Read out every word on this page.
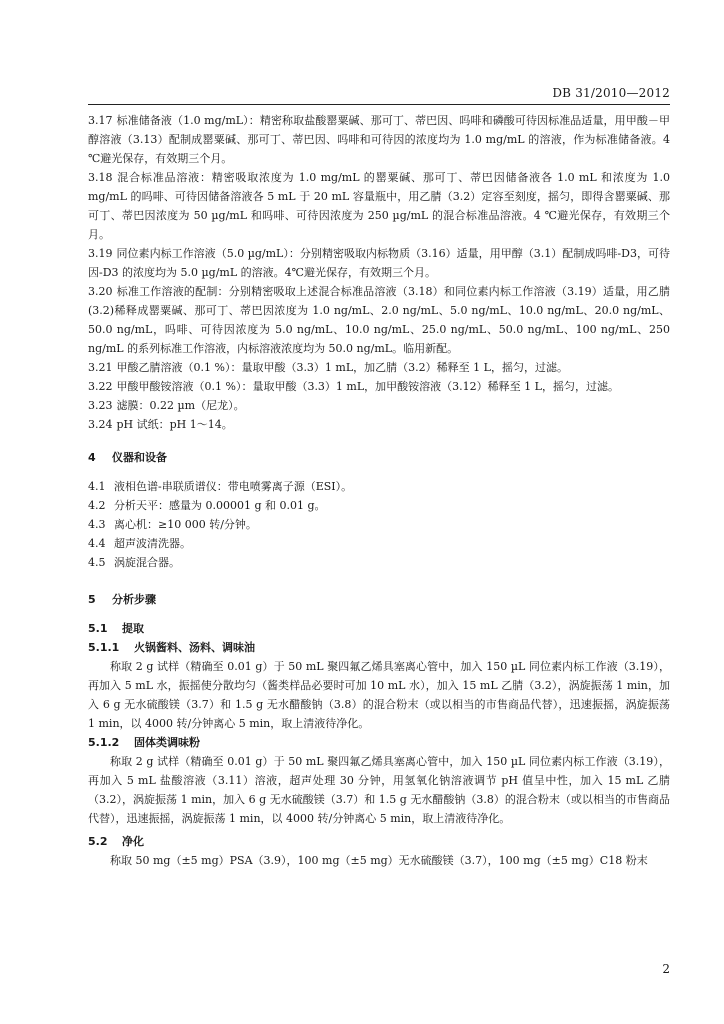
DB 31/2010—2012

3.17 标准储备液（1.0 mg/mL）：精密称取盐酸罂粟碱、那可丁、蒂巴因、吗啡和磷酸可待因标准品适量，用甲酸－甲醇溶液（3.13）配制成罂粟碱、那可丁、蒂巴因、吗啡和可待因的浓度均为 1.0 mg/mL 的溶液，作为标准储备液。4 ℃避光保存，有效期三个月。

3.18 混合标准品溶液：精密吸取浓度为 1.0 mg/mL 的罂粟碱、那可丁、蒂巴因储备液各 1.0 mL 和浓度为 1.0 mg/mL 的吗啡、可待因储备溶液各 5 mL 于 20 mL 容量瓶中，用乙腈（3.2）定容至刻度，摇匀，即得含罂粟碱、那可丁、蒂巴因浓度为 50 µg/mL 和吗啡、可待因浓度为 250 µg/mL 的混合标准品溶液。4 ℃避光保存，有效期三个月。

3.19 同位素内标工作溶液（5.0 µg/mL）：分别精密吸取内标物质（3.16）适量，用甲醇（3.1）配制成吗啡-D3，可待因-D3 的浓度均为 5.0 µg/mL 的溶液。4℃避光保存，有效期三个月。

3.20 标准工作溶液的配制：分别精密吸取上述混合标准品溶液（3.18）和同位素内标工作溶液（3.19）适量，用乙腈(3.2)稀释成罂粟碱、那可丁、蒂巴因浓度为 1.0 ng/mL、2.0 ng/mL、5.0 ng/mL、10.0 ng/mL、20.0 ng/mL、50.0 ng/mL，吗啡、可待因浓度为 5.0 ng/mL、10.0 ng/mL、25.0 ng/mL、50.0 ng/mL、100 ng/mL、250 ng/mL 的系列标准工作溶液，内标溶液浓度均为 50.0 ng/mL。临用新配。

3.21 甲酸乙腈溶液（0.1 %）：量取甲酸（3.3）1 mL，加乙腈（3.2）稀释至 1 L，摇匀，过滤。

3.22 甲酸甲酸铵溶液（0.1 %）：量取甲酸（3.3）1 mL，加甲酸铵溶液（3.12）稀释至 1 L，摇匀，过滤。

3.23 滤膜：0.22 µm（尼龙）。

3.24 pH 试纸：pH 1～14。

4 仪器和设备

4.1 液相色谱-串联质谱仪：带电喷雾离子源（ESI）。

4.2 分析天平：感量为 0.00001 g 和 0.01 g。

4.3 离心机：≥10 000 转/分钟。

4.4 超声波清洗器。

4.5 涡旋混合器。

5 分析步骤
5.1 提取
5.1.1 火锅酱料、汤料、调味油

称取 2 g 试样（精确至 0.01 g）于 50 mL 聚四氟乙烯具塞离心管中，加入 150 µL 同位素内标工作液（3.19），再加入 5 mL 水，振摇使分散均匀（酱类样品必要时可加 10 mL 水），加入 15 mL 乙腈（3.2），涡旋振荡 1 min，加入 6 g 无水硫酸镁（3.7）和 1.5 g 无水醋酸钠（3.8）的混合粉末（或以相当的市售商品代替），迅速振摇，涡旋振荡 1 min，以 4000 转/分钟离心 5 min，取上清液待净化。

5.1.2 固体类调味粉

称取 2 g 试样（精确至 0.01 g）于 50 mL 聚四氟乙烯具塞离心管中，加入 150 µL 同位素内标工作液（3.19），再加入 5 mL 盐酸溶液（3.11）溶液，超声处理 30 分钟，用氢氧化钠溶液调节 pH 值呈中性，加入 15 mL 乙腈（3.2），涡旋振荡 1 min，加入 6 g 无水硫酸镁（3.7）和 1.5 g 无水醋酸钠（3.8）的混合粉末（或以相当的市售商品代替），迅速振摇，涡旋振荡 1 min，以 4000 转/分钟离心 5 min，取上清液待净化。

5.2 净化

称取 50 mg（±5 mg）PSA（3.9），100 mg（±5 mg）无水硫酸镁（3.7），100 mg（±5 mg）C18 粉末

2
